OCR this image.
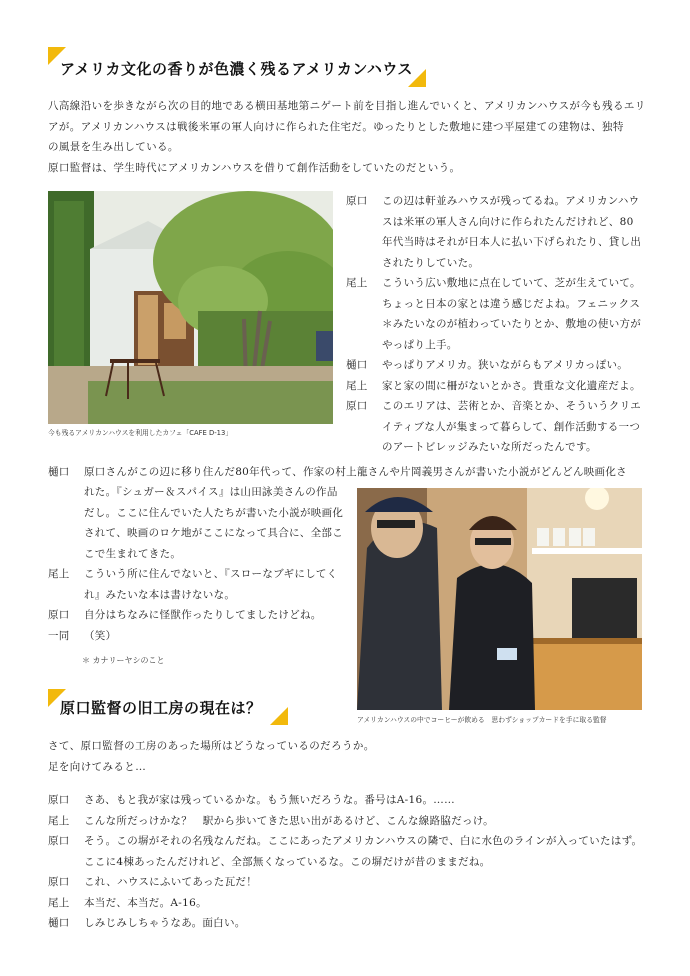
アメリカ文化の香りが色濃く残るアメリカンハウス
八高線沿いを歩きながら次の目的地である横田基地第ニゲート前を目指し進んでいくと、アメリカンハウスが今も残るエリ
アが。アメリカンハウスは戦後米軍の軍人向けに作られた住宅だ。ゆったりとした敷地に建つ平屋建ての建物は、独特
の風景を生み出している。
原口監督は、学生時代にアメリカンハウスを借りて創作活動をしていたのだという。
今も残るアメリカンハウスを利用したカフェ「CAFE D-13」
原口	この辺は軒並みハウスが残ってるね。アメリカンハウスは米軍の軍人さん向けに作られたんだけれど、80年代当時はそれが日本人に払い下げられたり、貸し出されたりしていた。
尾上	こういう広い敷地に点在していて、芝が生えていて。ちょっと日本の家とは違う感じだよね。フェニックス＊みたいなのが植わっていたりとか、敷地の使い方がやっぱり上手。
樋口	やっぱりアメリカ。狭いながらもアメリカっぽい。
尾上	家と家の間に柵がないとかさ。貴重な文化遺産だよ。
原口	このエリアは、芸術とか、音楽とか、そういうクリエイティブな人が集まって暮らして、創作活動する一つのアートビレッジみたいな所だったんです。
樋口	原口さんがこの辺に移り住んだ80年代って、作家の村上龍さんや片岡義男さんが書いた小説がどんどん映画化さ
れた。『シュガー＆スパイス』は山田詠美さんの作品だし。ここに住んでいた人たちが書いた小説が映画化されて、映画のロケ地がここになって具合に、全部ここで生まれてきた。
尾上	こういう所に住んでないと、『スローなブギにしてくれ』みたいな本は書けないな。
原口	自分はちなみに怪獣作ったりしてましたけどね。
一同	（笑）
＊ カナリーヤシのこと
アメリカンハウスの中でコーヒーが飲める　思わずショップカードを手に取る監督
原口監督の旧工房の現在は？
さて、原口監督の工房のあった場所はどうなっているのだろうか。
足を向けてみると…
原口	さあ、もと我が家は残っているかな。もう無いだろうな。番号はA-16。……
尾上	こんな所だっけかな？　駅から歩いてきた思い出があるけど、こんな線路脇だっけ。
原口	そう。この塀がそれの名残なんだね。ここにあったアメリカンハウスの隣で、白に水色のラインが入っていたはず。ここに4棟あったんだけれど、全部無くなっているな。この塀だけが昔のままだね。
原口	これ、ハウスにふいてあった瓦だ！
尾上	本当だ、本当だ。A-16。
樋口	しみじみしちゃうなあ。面白い。
